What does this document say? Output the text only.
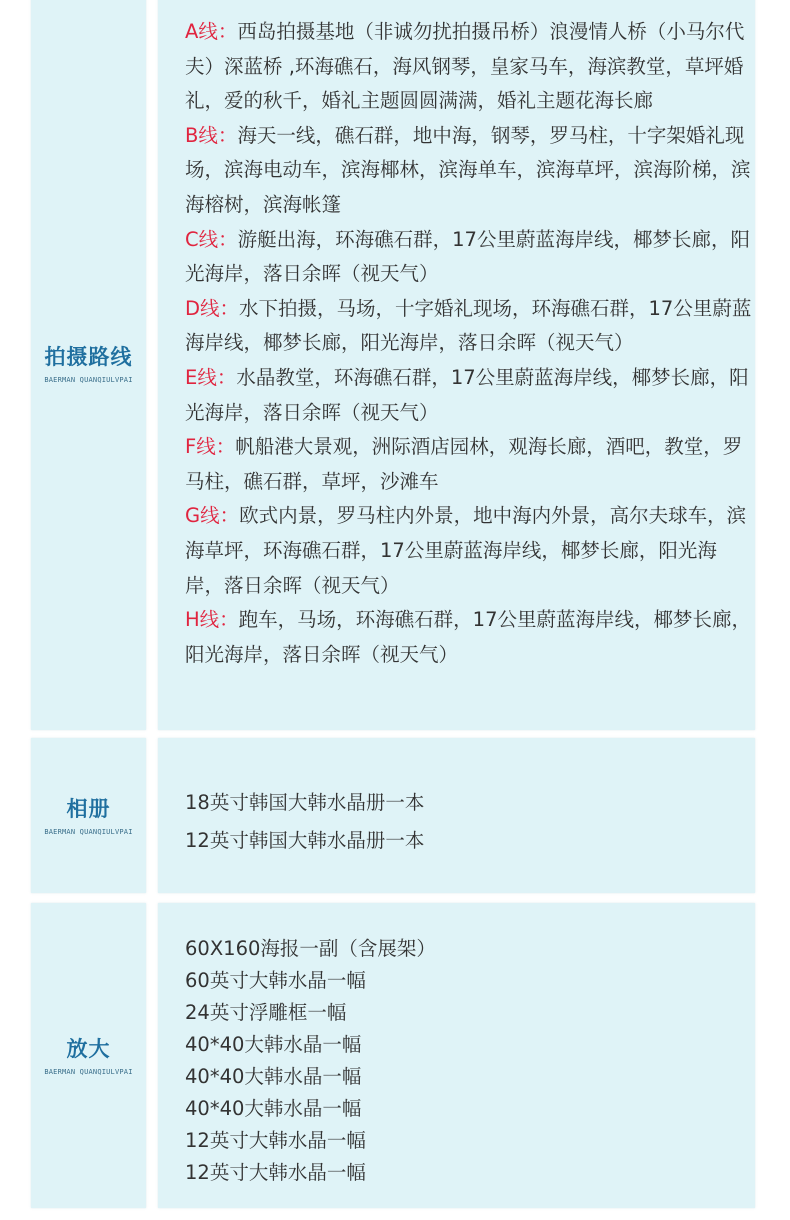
拍摄路线
BAERMAN QUANQIULVPAI

A线：西岛拍摄基地（非诚勿扰拍摄吊桥）浪漫情人桥（小马尔代夫）深蓝桥 ,环海礁石，海风钢琴，皇家马车，海滨教堂，草坪婚礼，爱的秋千，婚礼主题圆圆满满，婚礼主题花海长廊

B线：海天一线，礁石群，地中海，钢琴，罗马柱，十字架婚礼现场，滨海电动车，滨海椰林，滨海单车，滨海草坪，滨海阶梯，滨海榕树，滨海帐篷

C线：游艇出海，环海礁石群，17公里蔚蓝海岸线，椰梦长廊，阳光海岸，落日余晖（视天气）

D线：水下拍摄，马场，十字婚礼现场，环海礁石群，17公里蔚蓝海岸线，椰梦长廊，阳光海岸，落日余晖（视天气）

E线：水晶教堂，环海礁石群，17公里蔚蓝海岸线，椰梦长廊，阳光海岸，落日余晖（视天气）

F线：帆船港大景观，洲际酒店园林，观海长廊，酒吧，教堂，罗马柱，礁石群，草坪，沙滩车

G线：欧式内景，罗马柱内外景，地中海内外景，高尔夫球车，滨海草坪，环海礁石群，17公里蔚蓝海岸线，椰梦长廊，阳光海岸，落日余晖（视天气）

H线：跑车，马场，环海礁石群，17公里蔚蓝海岸线，椰梦长廊，阳光海岸，落日余晖（视天气）

相册
BAERMAN QUANQIULVPAI
18英寸韩国大韩水晶册一本
12英寸韩国大韩水晶册一本
放大
BAERMAN QUANQIULVPAI
60X160海报一副（含展架）
60英寸大韩水晶一幅
24英寸浮雕框一幅
40*40大韩水晶一幅
40*40大韩水晶一幅
40*40大韩水晶一幅
12英寸大韩水晶一幅
12英寸大韩水晶一幅
